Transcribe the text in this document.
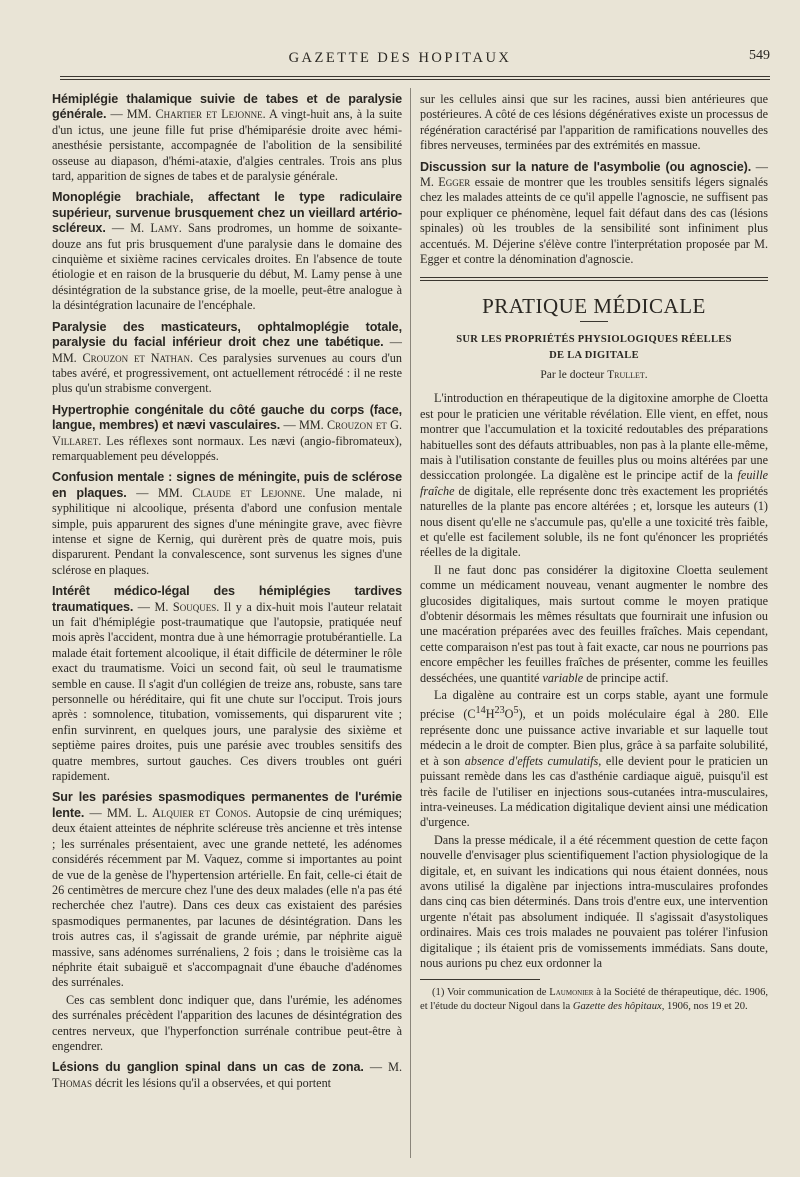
GAZETTE DES HOPITAUX	549

Hémiplégie thalamique suivie de tabes et de paralysie générale. — MM. Chartier et Lejonne. A vingt-huit ans, à la suite d'un ictus, une jeune fille fut prise d'hémiparésie droite avec hémi-anesthésie persistante, accompagnée de l'abolition de la sensibilité osseuse au diapason, d'hémi-ataxie, d'algies centrales. Trois ans plus tard, apparition de signes de tabes et de paralysie générale.

Monoplégie brachiale, affectant le type radiculaire supérieur, survenue brusquement chez un vieillard artério-scléreux. — M. Lamy. Sans prodromes, un homme de soixante-douze ans fut pris brusquement d'une paralysie dans le domaine des cinquième et sixième racines cervicales droites. En l'absence de toute étiologie et en raison de la brusquerie du début, M. Lamy pense à une désintégration de la substance grise, de la moelle, peut-être analogue à la désintégration lacunaire de l'encéphale.

Paralysie des masticateurs, ophtalmoplégie totale, paralysie du facial inférieur droit chez une tabétique. — MM. Crouzon et Nathan. Ces paralysies survenues au cours d'un tabes avéré, et progressivement, ont actuellement rétrocédé : il ne reste plus qu'un strabisme convergent.

Hypertrophie congénitale du côté gauche du corps (face, langue, membres) et nævi vasculaires. — MM. Crouzon et G. Villaret. Les réflexes sont normaux. Les nævi (angio-fibromateux), remarquablement peu développés.

Confusion mentale : signes de méningite, puis de sclérose en plaques. — MM. Claude et Lejonne. Une malade, ni syphilitique ni alcoolique, présenta d'abord une confusion mentale simple, puis apparurent des signes d'une méningite grave, avec fièvre intense et signe de Kernig, qui durèrent près de quatre mois, puis disparurent. Pendant la convalescence, sont survenus les signes d'une sclérose en plaques.

Intérêt médico-légal des hémiplégies tardives traumatiques. — M. Souques. Il y a dix-huit mois l'auteur relatait un fait d'hémiplégie post-traumatique que l'autopsie, pratiquée neuf mois après l'accident, montra due à une hémorragie protubérantielle. La malade était fortement alcoolique, il était difficile de déterminer le rôle exact du traumatisme. Voici un second fait, où seul le traumatisme semble en cause. Il s'agit d'un collégien de treize ans, robuste, sans tare personnelle ou héréditaire, qui fit une chute sur l'occiput. Trois jours après : somnolence, titubation, vomissements, qui disparurent vite ; enfin survinrent, en quelques jours, une paralysie des sixième et septième paires droites, puis une parésie avec troubles sensitifs des quatre membres, surtout gauches. Ces divers troubles ont guéri rapidement.

Sur les parésies spasmodiques permanentes de l'urémie lente. — MM. L. Alquier et Conos. Autopsie de cinq urémiques; deux étaient atteintes de néphrite scléreuse très ancienne et très intense ; les surrénales présentaient, avec une grande netteté, les adénomes considérés récemment par M. Vaquez, comme si importantes au point de vue de la genèse de l'hypertension artérielle. En fait, celle-ci était de 26 centimètres de mercure chez l'une des deux malades (elle n'a pas été recherchée chez l'autre). Dans ces deux cas existaient des parésies spasmodiques permanentes, par lacunes de désintégration. Dans les trois autres cas, il s'agissait de grande urémie, par néphrite aiguë massive, sans adénomes surrénaliens, 2 fois ; dans le troisième cas la néphrite était subaiguë et s'accompagnait d'une ébauche d'adénomes des surrénales.

Ces cas semblent donc indiquer que, dans l'urémie, les adénomes des surrénales précèdent l'apparition des lacunes de désintégration des centres nerveux, que l'hyperfonction surrénale contribue peut-être à engendrer.

Lésions du ganglion spinal dans un cas de zona. — M. Thomas décrit les lésions qu'il a observées, et qui portent

sur les cellules ainsi que sur les racines, aussi bien antérieures que postérieures. A côté de ces lésions dégénératives existe un processus de régénération caractérisé par l'apparition de ramifications nouvelles des fibres nerveuses, terminées par des extrémités en massue.

Discussion sur la nature de l'asymbolie (ou agnoscie). — M. Egger essaie de montrer que les troubles sensitifs légers signalés chez les malades atteints de ce qu'il appelle l'agnoscie, ne suffisent pas pour expliquer ce phénomène, lequel fait défaut dans des cas (lésions spinales) où les troubles de la sensibilité sont infiniment plus accentués. M. Déjerine s'élève contre l'interprétation proposée par M. Egger et contre la dénomination d'agnoscie.

PRATIQUE MÉDICALE
SUR LES PROPRIÉTÉS PHYSIOLOGIQUES RÉELLES
DE LA DIGITALE
Par le docteur Trullet.

L'introduction en thérapeutique de la digitoxine amorphe de Cloetta est pour le praticien une véritable révélation. Elle vient, en effet, nous montrer que l'accumulation et la toxicité redoutables des préparations habituelles sont des défauts attribuables, non pas à la plante elle-même, mais à l'utilisation constante de feuilles plus ou moins altérées par une dessiccation prolongée. La digalène est le principe actif de la feuille fraîche de digitale, elle représente donc très exactement les propriétés naturelles de la plante pas encore altérées ; et, lorsque les auteurs (1) nous disent qu'elle ne s'accumule pas, qu'elle a une toxicité très faible, et qu'elle est facilement soluble, ils ne font qu'énoncer les propriétés réelles de la digitale.

Il ne faut donc pas considérer la digitoxine Cloetta seulement comme un médicament nouveau, venant augmenter le nombre des glucosides digitaliques, mais surtout comme le moyen pratique d'obtenir désormais les mêmes résultats que fournirait une infusion ou une macération préparées avec des feuilles fraîches. Mais cependant, cette comparaison n'est pas tout à fait exacte, car nous ne pourrions pas encore empêcher les feuilles fraîches de présenter, comme les feuilles desséchées, une quantité variable de principe actif.

La digalène au contraire est un corps stable, ayant une formule précise $(C^{14}H^{23}O^5)$, et un poids moléculaire égal à 280. Elle représente donc une puissance active invariable et sur laquelle tout médecin a le droit de compter. Bien plus, grâce à sa parfaite solubilité, et à son absence d'effets cumulatifs, elle devient pour le praticien un puissant remède dans les cas d'asthénie cardiaque aiguë, puisqu'il est très facile de l'utiliser en injections sous-cutanées intra-musculaires, intra-veineuses. La médication digitalique devient ainsi une médication d'urgence.

Dans la presse médicale, il a été récemment question de cette façon nouvelle d'envisager plus scientifiquement l'action physiologique de la digitale, et, en suivant les indications qui nous étaient données, nous avons utilisé la digalène par injections intra-musculaires profondes dans cinq cas bien déterminés. Dans trois d'entre eux, une intervention urgente n'était pas absolument indiquée. Il s'agissait d'asystoliques ordinaires. Mais ces trois malades ne pouvaient pas tolérer l'infusion digitalique ; ils étaient pris de vomissements immédiats. Sans doute, nous aurions pu chez eux ordonner la

(1) Voir communication de Laumonier à la Société de thérapeutique, déc. 1906, et l'étude du docteur Nigoul dans la Gazette des hôpitaux, 1906, nos 19 et 20.
